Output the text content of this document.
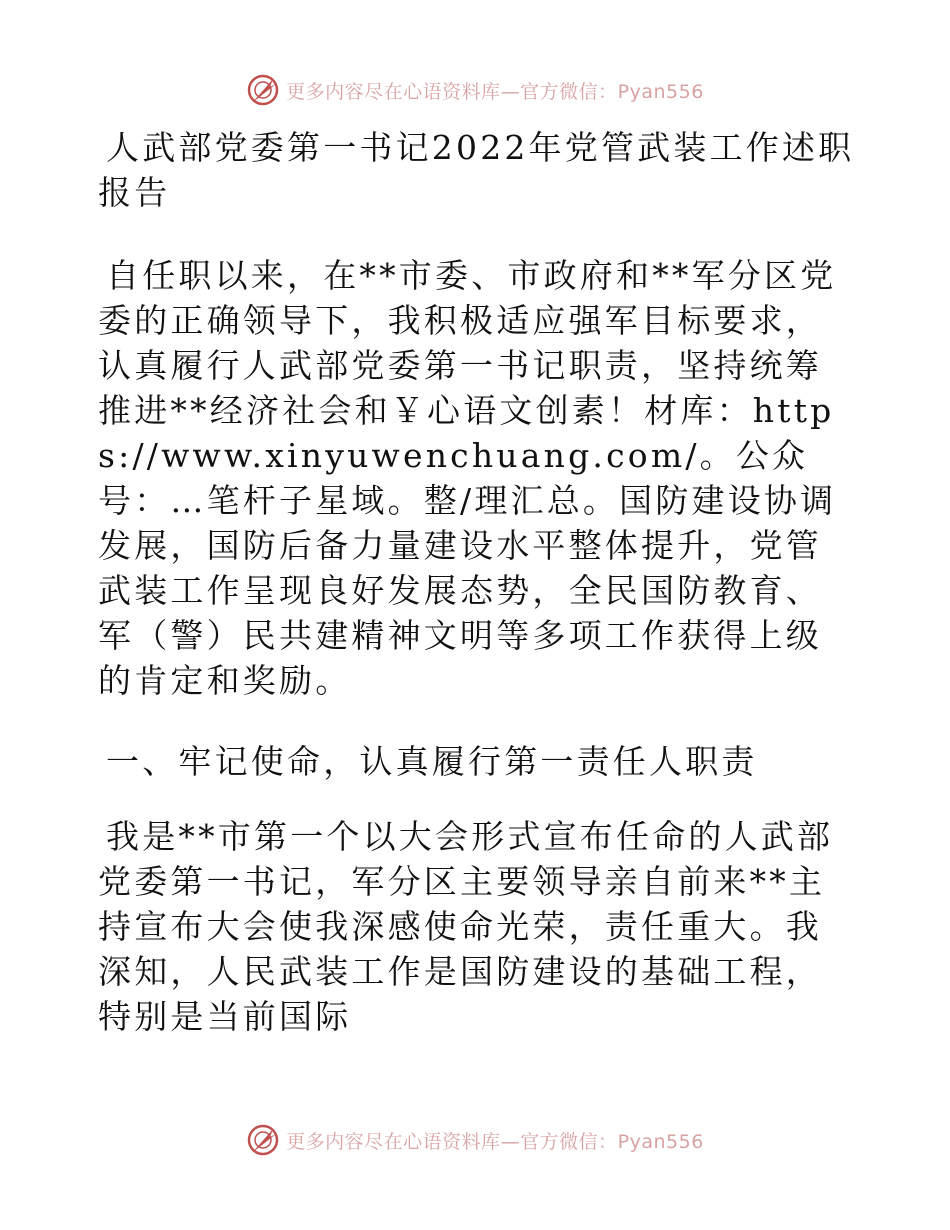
更多内容尽在心语资料库—官方微信：Pyan556

人武部党委第一书记2022年党管武装工作述职报告

自任职以来，在**市委、市政府和**军分区党委的正确领导下，我积极适应强军目标要求，认真履行人武部党委第一书记职责，坚持统筹推进**经济社会和￥心语文创素！材库：https://www.xinyuwenchuang.com/。公众号：…笔杆子星域。整/理汇总。国防建设协调发展，国防后备力量建设水平整体提升，党管武装工作呈现良好发展态势，全民国防教育、军（警）民共建精神文明等多项工作获得上级的肯定和奖励。

一、牢记使命，认真履行第一责任人职责

我是**市第一个以大会形式宣布任命的人武部党委第一书记，军分区主要领导亲自前来**主持宣布大会使我深感使命光荣，责任重大。我深知，人民武装工作是国防建设的基础工程，特别是当前国际

更多内容尽在心语资料库—官方微信：Pyan556
